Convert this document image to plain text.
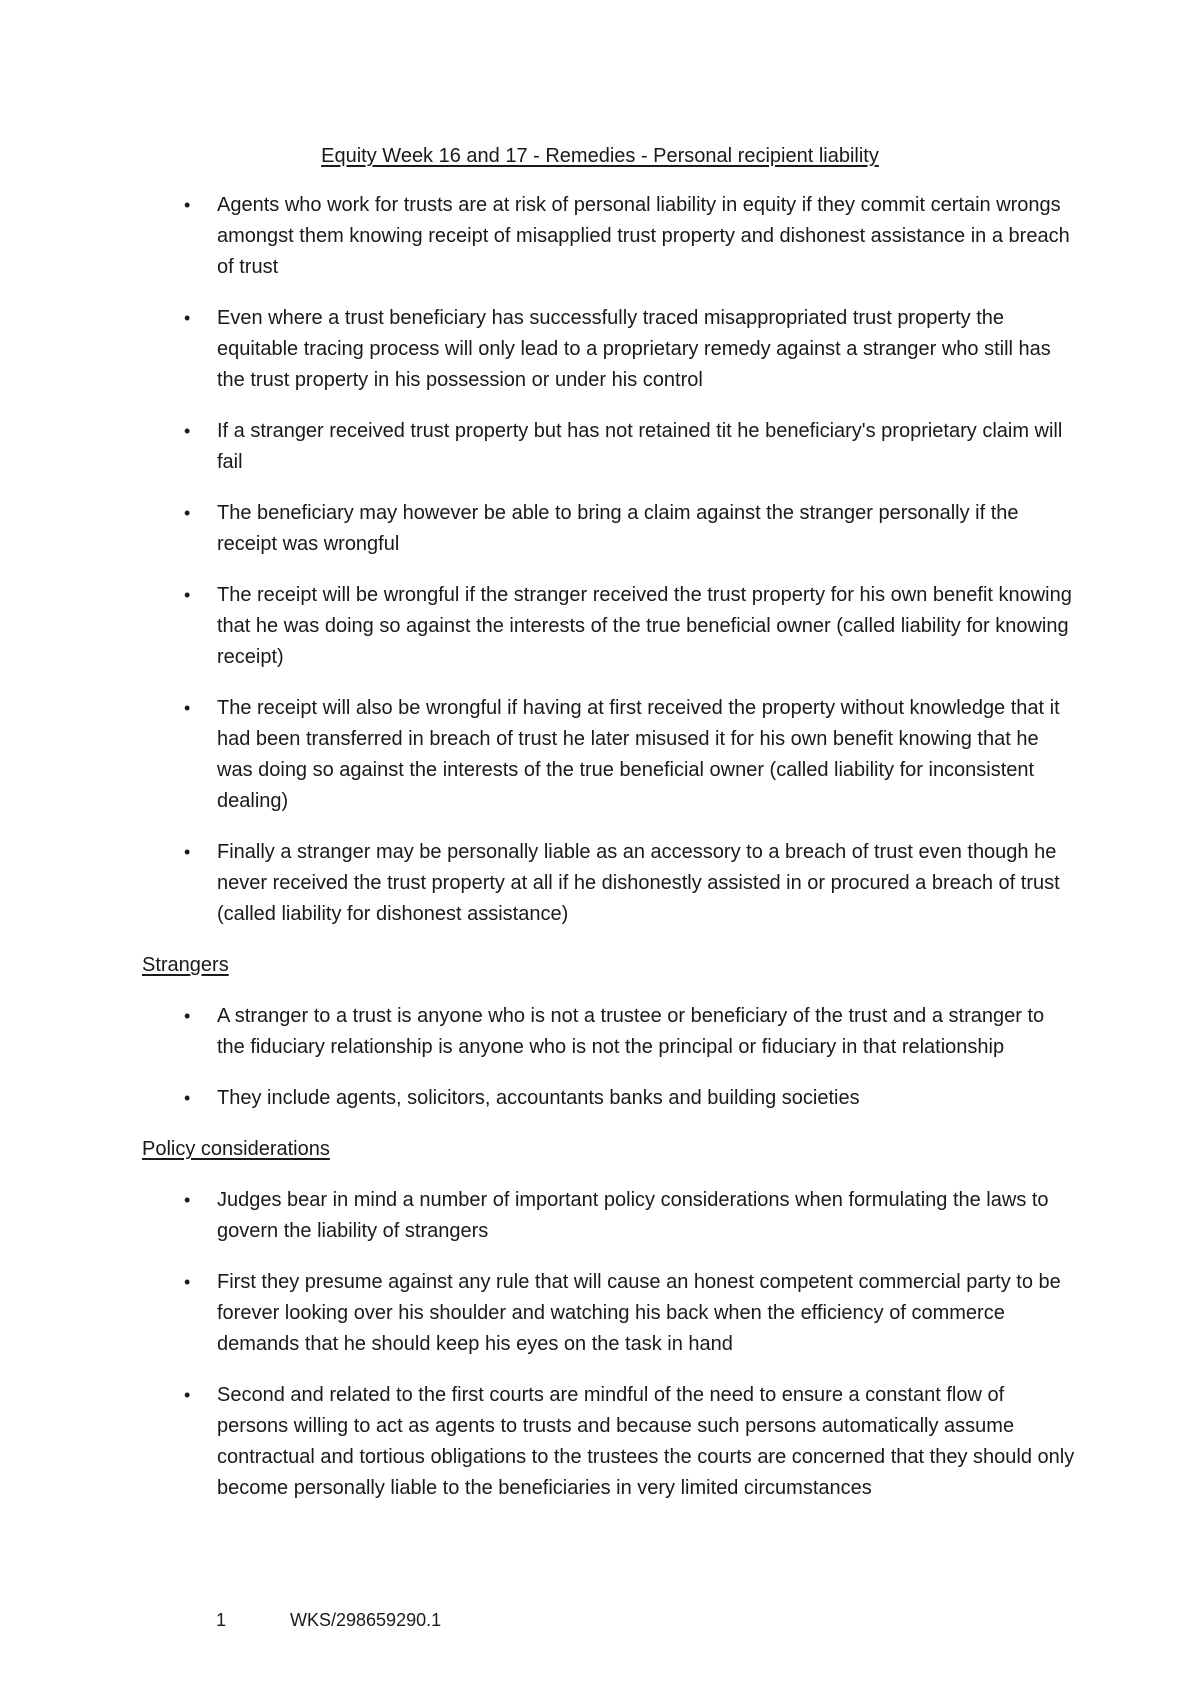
Equity Week 16 and 17 - Remedies - Personal recipient liability
• Agents who work for trusts are at risk of personal liability in equity if they commit certain wrongs amongst them knowing receipt of misapplied trust property and dishonest assistance in a breach of trust
• Even where a trust beneficiary has successfully traced misappropriated trust property the equitable tracing process will only lead to a proprietary remedy against a stranger who still has the trust property in his possession or under his control
• If a stranger received trust property but has not retained tit he beneficiary's proprietary claim will fail
• The beneficiary may however be able to bring a claim against the stranger personally if the receipt was wrongful
• The receipt will be wrongful if the stranger received the trust property for his own benefit knowing that he was doing so against the interests of the true beneficial owner (called liability for knowing receipt)
• The receipt will also be wrongful if having at first received the property without knowledge that it had been transferred in breach of trust he later misused it for his own benefit knowing that he was doing so against the interests of the true beneficial owner (called liability for inconsistent dealing)
• Finally a stranger may be personally liable as an accessory to a breach of trust even though he never received the trust property at all if he dishonestly assisted in or procured a breach of trust (called liability for dishonest assistance)
Strangers
• A stranger to a trust is anyone who is not a trustee or beneficiary of the trust and a stranger to the fiduciary relationship is anyone who is not the principal or fiduciary in that relationship
• They include agents, solicitors, accountants banks and building societies
Policy considerations
• Judges bear in mind a number of important policy considerations when formulating the laws to govern the liability of strangers
• First they presume against any rule that will cause an honest competent commercial party to be forever looking over his shoulder and watching his back when the efficiency of commerce demands that he should keep his eyes on the task in hand
• Second and related to the first courts are mindful of the need to ensure a constant flow of persons willing to act as agents to trusts and because such persons automatically assume contractual and tortious obligations to the trustees the courts are concerned that they should only become personally liable to the beneficiaries in very limited circumstances
1	WKS/298659290.1
